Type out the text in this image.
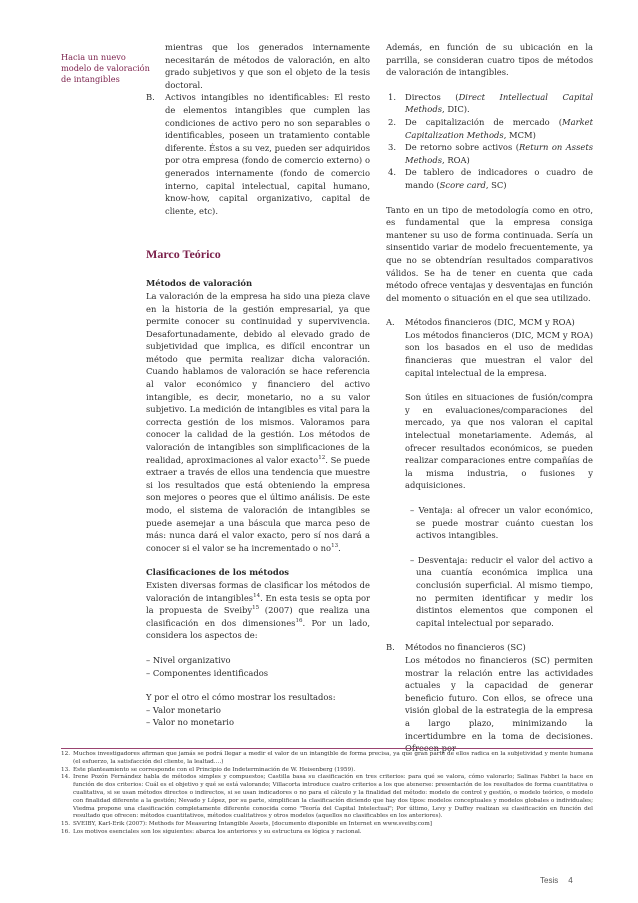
Hacia un nuevo modelo de valoración de intangibles

mientras que los generados internamente necesitarán de métodos de valoración, en alto grado subjetivos y que son el objeto de la tesis doctoral.

B. Activos intangibles no identificables: El resto de elementos intangibles que cumplen las condiciones de activo pero no son separables o identificables, poseen un tratamiento contable diferente. Éstos a su vez, pueden ser adquiridos por otra empresa (fondo de comercio externo) o generados internamente (fondo de comercio interno, capital intelectual, capital humano, know-how, capital organizativo, capital de cliente, etc).
Marco Teórico

Métodos de valoración

La valoración de la empresa ha sido una pieza clave en la historia de la gestión empresarial, ya que permite conocer su continuidad y supervivencia. Desafortunadamente, debido al elevado grado de subjetividad que implica, es difícil encontrar un método que permita realizar dicha valoración. Cuando hablamos de valoración se hace referencia al valor económico y financiero del activo intangible, es decir, monetario, no a su valor subjetivo. La medición de intangibles es vital para la correcta gestión de los mismos. Valoramos para conocer la calidad de la gestión. Los métodos de valoración de intangibles son simplificaciones de la realidad, aproximaciones al valor exacto$^{12}$. Se puede extraer a través de ellos una tendencia que muestre si los resultados que está obteniendo la empresa son mejores o peores que el último análisis. De este modo, el sistema de valoración de intangibles se puede asemejar a una báscula que marca peso de más: nunca dará el valor exacto, pero sí nos dará a conocer si el valor se ha incrementado o $no^{13}$.

Clasificaciones de los métodos

Existen diversas formas de clasificar los métodos de valoración de intangibles$^{14}$. En esta tesis se opta por la propuesta de Sveiby$^{15}$ (2007) que realiza una clasificación en dos dimensiones$^{16}$. Por un lado, considera los aspectos de:

– Nivel organizativo

– Componentes identificados

Y por el otro el cómo mostrar los resultados:

– Valor monetario

– Valor no monetario

Además, en función de su ubicación en la parrilla, se consideran cuatro tipos de métodos de valoración de intangibles.

1. Directos (Direct Intellectual Capital Methods, DIC).
2. De capitalización de mercado (Market Capitalization Methods, MCM)
3. De retorno sobre activos (Return on Assets Methods, ROA)
4. De tablero de indicadores o cuadro de mando (Score card, SC)

Tanto en un tipo de metodología como en otro, es fundamental que la empresa consiga mantener su uso de forma continuada. Sería un sinsentido variar de modelo frecuentemente, ya que no se obtendrían resultados comparativos válidos. Se ha de tener en cuenta que cada método ofrece ventajas y desventajas en función del momento o situación en el que sea utilizado.

A. Métodos financieros (DIC, MCM y ROA)

Los métodos financieros (DIC, MCM y ROA) son los basados en el uso de medidas financieras que muestran el valor del capital intelectual de la empresa.

Son útiles en situaciones de fusión/compra y en evaluaciones/comparaciones del mercado, ya que nos valoran el capital intelectual monetariamente. Además, al ofrecer resultados económicos, se pueden realizar comparaciones entre compañías de la misma industria, o fusiones y adquisiciones.

– Ventaja: al ofrecer un valor económico, se puede mostrar cuánto cuestan los activos intangibles.

– Desventaja: reducir el valor del activo a una cuantía económica implica una conclusión superficial. Al mismo tiempo, no permiten identificar y medir los distintos elementos que componen el capital intelectual por separado.

B. Métodos no financieros (SC)

Los métodos no financieros (SC) permiten mostrar la relación entre las actividades actuales y la capacidad de generar beneficio futuro. Con ellos, se ofrece una visión global de la estrategia de la empresa a largo plazo, minimizando la incertidumbre en la toma de decisiones. Ofrecen por

12. Muchos investigadores afirman que jamás se podrá llegar a medir el valor de un intangible de forma precisa, ya que gran parte de ellos radica en la subjetividad y mente humana (el esfuerzo, la satisfacción del cliente, la lealtad….)
13. Este planteamiento se corresponde con el Principio de Indeterminación de W. Heisenberg (1959).
14. Irene Pozón Fernández habla de métodos simples y compuestos; Castilla basa su clasificación en tres criterios: para qué se valora, cómo valorarlo; Salinas Fabbri la hace en función de dos criterios: Cuál es el objetivo y qué se está valorando; Villacorta introduce cuatro criterios a los que atenerse: presentación de los resultados de forma cuantitativa o cualitativa, si se usan métodos directos o indirectos, si se usan indicadores o no para el cálculo y la finalidad del método: modelo de control y gestión, o modelo teórico, o modelo con finalidad diferente a la gestión; Nevado y López, por su parte, simplifican la clasificación diciendo que hay dos tipos: modelos conceptuales y modelos globales o individuales; Viedma propone una clasificación completamente diferente conocida como "Teoría del Capital Intelectual"; Por último, Levy y Duffey realizan su clasificación en función del resultado que ofrecen: métodos cuantitativos, métodos cualitativos y otros modelos (aquellos no clasificables en los anteriores).
15. SVEIBY, Karl-Erik (2007): Methods for Measuring Intangible Assets, [documento disponible en Internet en www.sveiby.com]
16. Los motivos esenciales son los siguientes: abarca los anteriores y su estructura es lógica y racional.
Tesis 4
